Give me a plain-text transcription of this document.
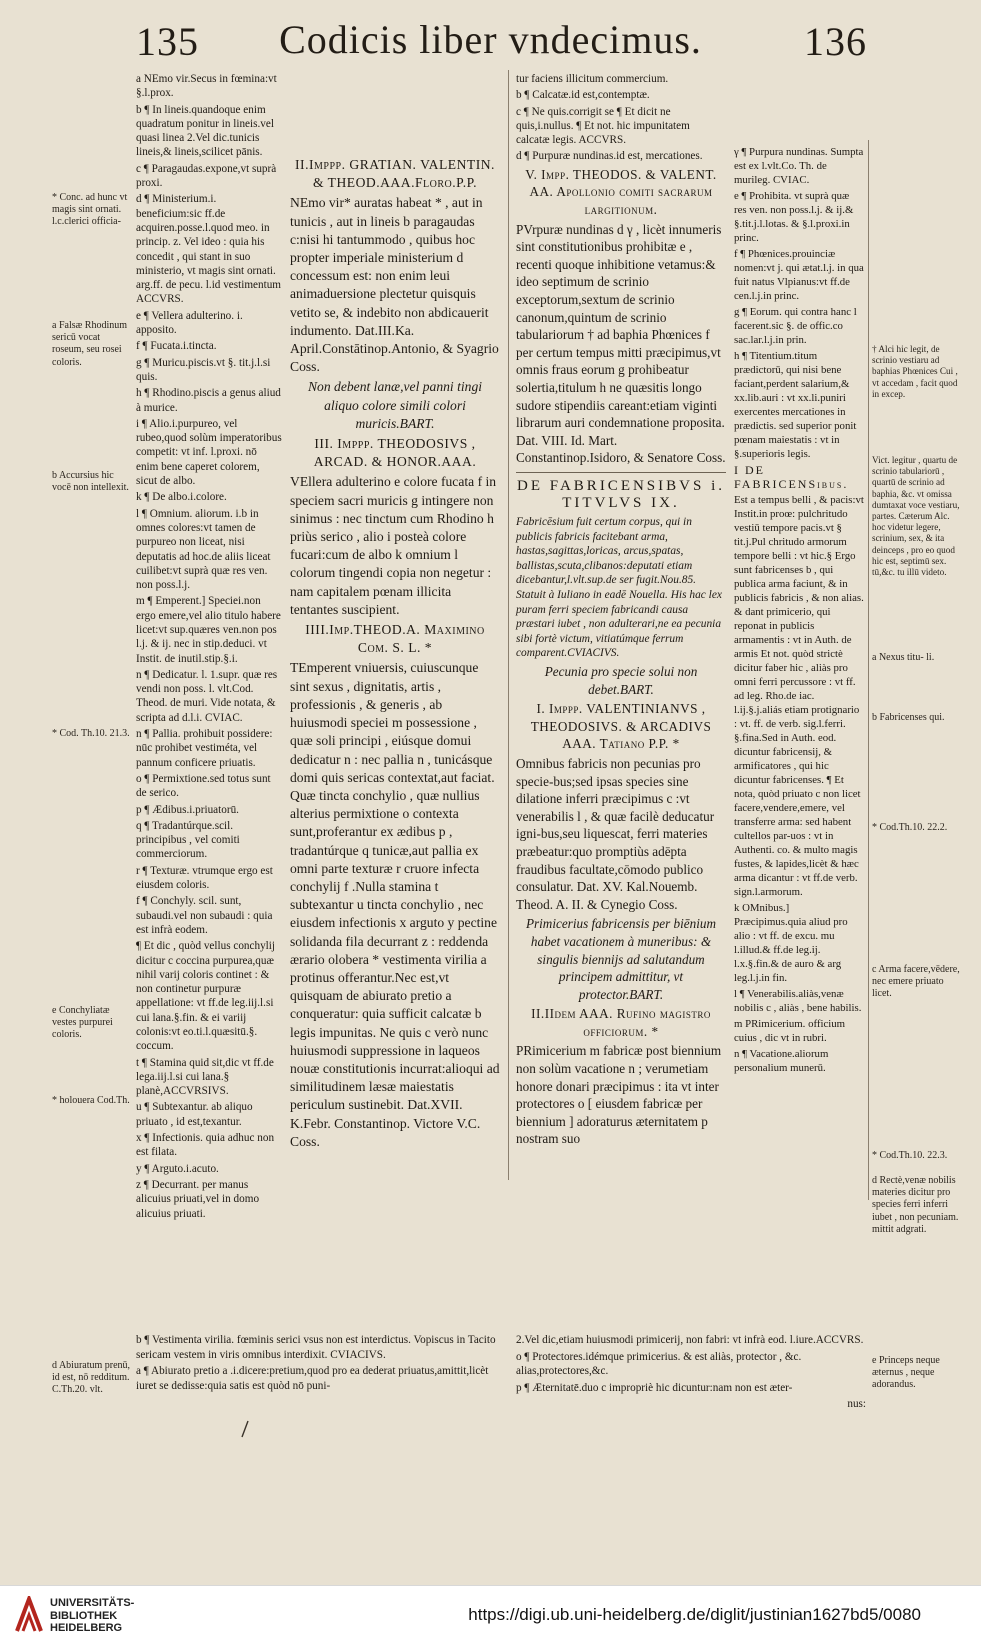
135	Codicis liber vndecimus.	136

* Conc. ad hunc vt magis sint ornati. l.c.clerici officia-

a Falsæ Rhodinum sericū vocat roseum, seu rosei coloris.

b Accursius hic vocē non intellexit.

* Cod. Th.10. 21.3.

e Conchyliatæ vestes purpurei coloris.

* holouera Cod.Th.

d Abiuratum prenū, id est, nō redditum. C.Th.20. vlt.

a NEmo vir.Secus in fœmina:vt §.l.prox.

b ¶ In lineis.quandoque enim quadratum ponitur in lineis.vel quasi linea 2.Vel dic.tunicis lineis,& lineis,scilicet pānis.

c ¶ Paragaudas.expone,vt suprà proxi.

d ¶ Ministerium.i. beneficium:sic ff.de acquiren.posse.l.quod meo. in princip. z. Vel ideo : quia his concedit , qui stant in suo ministerio, vt magis sint ornati. arg.ff. de pecu. l.id vestimentum ACCVRS.

e ¶ Vellera adulterino. i. apposito.

f ¶ Fucata.i.tincta.

g ¶ Muricu.piscis.vt §. tit.j.l.si quis.

h ¶ Rhodino.piscis a genus aliud à murice.

i ¶ Alio.i.purpureo, vel rubeo,quod solùm imperatoribus competit: vt inf. l.proxi. nō enim bene caperet colorem, sicut de albo.

k ¶ De albo.i.colore.

l ¶ Omnium. aliorum. i.b in omnes colores:vt tamen de purpureo non liceat, nisi deputatis ad hoc.de aliis liceat cuilibet:vt suprà quæ res ven. non poss.l.j.

m ¶ Emperent.] Speciei.non ergo emere,vel alio titulo habere licet:vt sup.quæres ven.non pos l.j. & ij. nec in stip.deduci. vt Instit. de inutil.stip.§.i.

n ¶ Dedicatur. l. 1.supr. quæ res vendi non poss. l. vlt.Cod. Theod. de muri. Vide notata, & scripta ad d.l.i. CVIAC.

n ¶ Pallia. prohibuit possidere: nūc prohibet vestiméta, vel pannum conficere priuatis.

o ¶ Permixtione.sed totus sunt de serico.

p ¶ Ædibus.i.priuatorū.

q ¶ Tradantúrque.scil. principibus , vel comiti commerciorum.

r ¶ Texturæ. vtrumque ergo est eiusdem coloris.

f ¶ Conchyly. scil. sunt, subaudi.vel non subaudi : quia est infrà eodem.

¶ Et dic , quòd vellus conchylij dicitur c coccina purpurea,quæ nihil varij coloris continet : & non continetur purpuræ appellatione: vt ff.de leg.iij.l.si cui lana.§.fin. & ei variij colonis:vt eo.ti.l.quæsitū.§. coccum.

t ¶ Stamina quid sit,dic vt ff.de lega.iij.l.si cui lana.§ planè,ACCVRSIVS.

u ¶ Subtexantur. ab aliquo priuato , id est,texantur.

x ¶ Infectionis. quia adhuc non est filata.

y ¶ Arguto.i.acuto.

z ¶ Decurrant. per manus alicuius priuati,vel in domo alicuius priuati.

II.Imppp. GRATIAN. VALENTIN. & THEOD.AAA.Floro.P.P.

NEmo vir* auratas habeat * , aut in tunicis , aut in lineis b paragaudas c:nisi hi tantummodo , quibus hoc propter imperiale ministerium d concessum est: non enim leui animaduersione plectetur quisquis vetito se, & indebito non abdicauerit indumento. Dat.III.Ka. April.Constātinop.Antonio, & Syagrio Coss.

Non debent lanæ,vel panni tingi aliquo colore simili colori muricis.BART.

III. Imppp. THEODOSIVS , ARCAD. & HONOR.AAA.

VEllera adulterino e colore fucata f in speciem sacri muricis g intingere non sinimus : nec tinctum cum Rhodino h priùs serico , alio i posteà colore fucari:cum de albo k omnium l colorum tingendi copia non negetur : nam capitalem pœnam illicita tentantes suscipient.

IIII.Imp.THEOD.A. Maximino Com. S. L. *

TEmperent vniuersis, cuiuscunque sint sexus , dignitatis, artis , professionis , & generis , ab huiusmodi speciei m possessione , quæ soli principi , eiúsque domui dedicatur n : nec pallia n , tunicásque domi quis sericas contextat,aut faciat. Quæ tincta conchylio , quæ nullius alterius permixtione o contexta sunt,proferantur ex ædibus p , tradantúrque q tunicæ,aut pallia ex omni parte texturæ r cruore infecta conchylij f .Nulla stamina t subtexantur u tincta conchylio , nec eiusdem infectionis x arguto y pectine solidanda fila decurrant z : reddenda ærario olobera * vestimenta virilia a protinus offerantur.Nec est,vt quisquam de abiurato pretio a conqueratur: quia sufficit calcatæ b legis impunitas. Ne quis c verò nunc huiusmodi suppressione in laqueos nouæ constitutionis incurrat:alioqui ad similitudinem læsæ maiestatis periculum sustinebit. Dat.XVII. K.Febr. Constantinop. Victore V.C. Coss.

b ¶ Vestimenta virilia. fœminis serici vsus non est interdictus. Vopiscus in Tacito sericam vestem in viris omnibus interdixit. CVIACIVS.

a ¶ Abiurato pretio a .i.dicere:pretium,quod pro ea dederat priuatus,amittit,licèt iuret se dedisse:quia satis est quòd nō puni-

tur faciens illicitum commercium.

b ¶ Calcatæ.id est,contemptæ.

c ¶ Ne quis.corrigit se ¶ Et dicit ne quis,i.nullus. ¶ Et not. hic impunitatem calcatæ legis. ACCVRS.

d ¶ Purpuræ nundinas.id est, mercationes.

V. Impp. THEODOS. & VALENT. AA. Apollonio comiti sacrarum largitionum.

PVrpuræ nundinas d γ , licèt innumeris sint constitutionibus prohibitæ e , recenti quoque inhibitione vetamus:& ideo septimum de scrinio exceptorum,sextum de scrinio canonum,quintum de scrinio tabulariorum † ad baphia Phœnices f per certum tempus mitti præcipimus,vt omnis fraus eorum g prohibeatur solertia,titulum h ne quæsitis longo sudore stipendiis careant:etiam viginti librarum auri condemnatione proposita. Dat. VIII. Id. Mart. Constantinop.Isidoro, & Senatore Coss.

DE FABRICENSIBVS i. TITVLVS IX.

Fabricēsium fuit certum corpus, qui in publicis fabricis facitebant arma, hastas,sagittas,loricas, arcus,spatas, ballistas,scuta,clibanos:deputati etiam dicebantur,l.vlt.sup.de ser fugit.Nou.85. Statuit à Iuliano in eadē Nouella. His hac lex puram ferri speciem fabricandi causa præstari iubet , non adulterari,ne ea pecunia sibi fortè victum, vitiatúmque ferrum comparent.CVIACIVS.

Pecunia pro specie solui non debet.BART.

I. Imppp. VALENTINIANVS , THEODOSIVS. & ARCADIVS AAA. Tatiano P.P. *

Omnibus fabricis non pecunias pro specie-bus;sed ipsas species sine dilatione inferri præcipimus c :vt venerabilis l , & quæ facilè deducatur igni-bus,seu liquescat, ferri materies præbeatur:quo promptiùs adēpta fraudibus facultate,cōmodo publico consulatur. Dat. XV. Kal.Nouemb. Theod. A. II. & Cynegio Coss.

Primicerius fabricensis per biēnium habet vacationem à muneribus: & singulis biennijs ad salutandum principem admittitur, vt protector.BART.

II.IIdem AAA. Rufino magistro officiorum. *

PRimicerium m fabricæ post biennium non solùm vacatione n ; verumetiam honore donari præcipimus : ita vt inter protectores o [ eiusdem fabricæ per biennium ] adoraturus æternitatem p nostram suo

2.Vel dic,etiam huiusmodi primicerij, non fabri: vt infrà eod. l.iure.ACCVRS.

o ¶ Protectores.idémque primicerius. & est aliàs, protector , &c. alias,protectores,&c.

p ¶ Æternitatē.duo c impropriè hic dicuntur:nam non est æter-

nus:

γ ¶ Purpura nundinas. Sumpta est ex l.vlt.Co. Th. de murileg. CVIAC.

e ¶ Prohibita. vt suprà quæ res ven. non poss.l.j. & ij.& §.tit.j.l.lotas. & §.l.proxi.in princ.

f ¶ Phœnices.prouinciæ nomen:vt j. qui ætat.l.j. in qua fuit natus Vlpianus:vt ff.de cen.l.j.in princ.

g ¶ Eorum. qui contra hanc l facerent.sic §. de offic.co sac.lar.l.j.in prin.

h ¶ Titentium.titum prædictorū, qui nisi bene faciant,perdent salarium,& xx.lib.auri : vt xx.li.puniri exercentes mercationes in prædictis. sed superior ponit pœnam maiestatis : vt in §.superioris legis.

I DE FABRICENSibus.

Est a tempus belli , & pacis:vt Instit.in proœ: pulchritudo vestiū tempore pacis.vt § tit.j.Pul chritudo armorum tempore belli : vt hic.§ Ergo sunt fabricenses b , qui publica arma faciunt, & in publicis fabricis , & non alias. & dant primicerio, qui reponat in publicis armamentis : vt in Auth. de armis Et not. quòd strictè dicitur faber hic , aliàs pro omni ferri percussore : vt ff. ad leg. Rho.de iac. l.ij.§.j.aliás etiam protignario : vt. ff. de verb. sig.l.ferri. §.fina.Sed in Auth. eod. dicuntur fabricensij, & armificatores , qui hic dicuntur fabricenses. ¶ Et nota, quòd priuato c non licet facere,vendere,emere, vel transferre arma: sed habent cultellos par-uos : vt in Authenti. co. & multo magis fustes, & lapides,licèt & hæc arma dicantur : vt ff.de verb. sign.l.armorum.

k OMnibus.] Præcipimus.quia aliud pro alio : vt ff. de excu. mu l.illud.& ff.de leg.ij. l.x.§.fin.& de auro & arg leg.l.j.in fin.

l ¶ Venerabilis.aliàs,venæ nobilis c , aliàs , bene habilis.

m PRimicerium. officium cuius , dic vt in rubri.

n ¶ Vacatione.aliorum personalium munerū.

† Alci hic legit, de scrinio vestiaru ad baphias Phœnices Cui , vt accedam , facit quod in excep.

Vict. legitur , quartu de scrinio tabulariorū , quartū de scrinio ad baphia, &c. vt omissa dumtaxat voce vestiaru, partes. Cæterum Alc. hoc videtur legere, scrinium, sex, & ita deinceps , pro eo quod hic est, septimū sex. tū,&c. tu illū videto.

a Nexus titu- li.

b Fabricenses qui.

* Cod.Th.10. 22.2.

c Arma facere,vēdere, nec emere priuato licet.

* Cod.Th.10. 22.3.

d Rectè,venæ nobilis materies dicitur pro species ferri inferri iubet , non pecuniam. mittit adgrati.

e Princeps neque æternus , neque adorandus.

UNIVERSITÄTS-
BIBLIOTHEK
HEIDELBERG
https://digi.ub.uni-heidelberg.de/diglit/justinian1627bd5/0080
